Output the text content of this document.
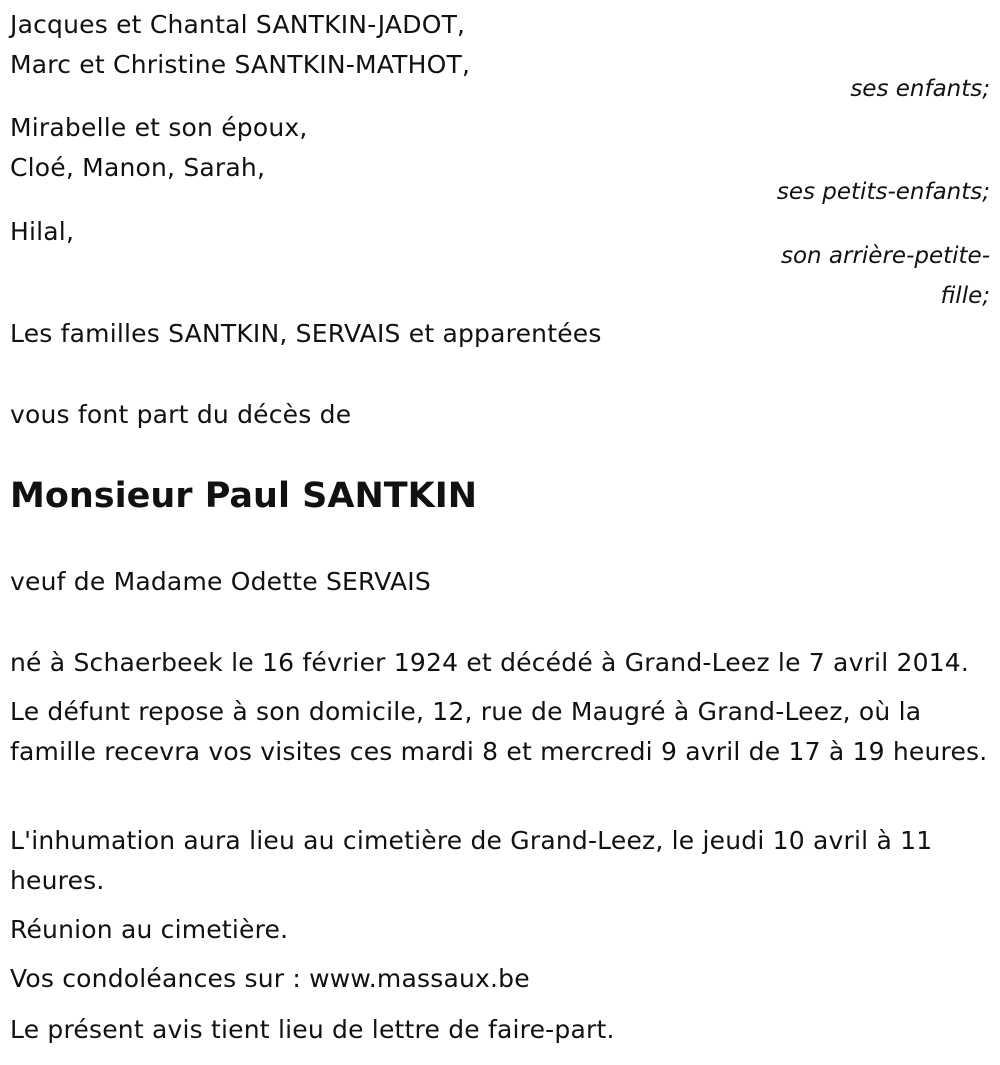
Jacques et Chantal SANTKIN-JADOT,
Marc et Christine SANTKIN-MATHOT,
ses enfants;
Mirabelle et son époux,
Cloé, Manon, Sarah,
ses petits-enfants;
Hilal,
son arrière-petite-
fille;
Les familles SANTKIN, SERVAIS et apparentées
vous font part du décès de
Monsieur Paul SANTKIN
veuf de Madame Odette SERVAIS
né à Schaerbeek le 16 février 1924 et décédé à Grand-Leez le 7 avril 2014.
Le défunt repose à son domicile, 12, rue de Maugré à Grand-Leez, où la famille recevra vos visites ces mardi 8 et mercredi 9 avril de 17 à 19 heures.
L'inhumation aura lieu au cimetière de Grand-Leez, le jeudi 10 avril à 11 heures.
Réunion au cimetière.
Vos condoléances sur : www.massaux.be
Le présent avis tient lieu de lettre de faire-part.
